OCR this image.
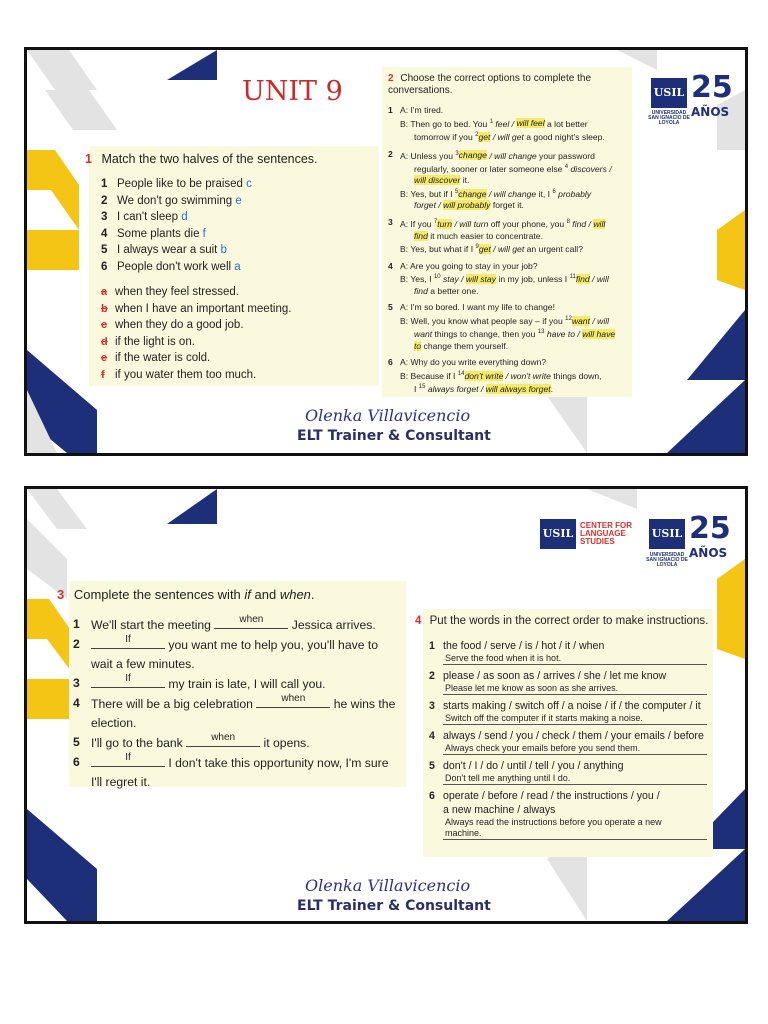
UNIT 9
1 Match the two halves of the sentences.
1 People like to be praised c
2 We don't go swimming e
3 I can't sleep d
4 Some plants die f
5 I always wear a suit b
6 People don't work well a
a when they feel stressed.
b when I have an important meeting.
c when they do a good job.
d if the light is on.
e if the water is cold.
f if you water them too much.
2 Choose the correct options to complete the conversations.
1 A: I'm tired.
B: Then go to bed. You $^1$ feel / will feel a lot better
tomorrow if you $^2$get / will get a good night's sleep.
2 A: Unless you $^3$change / will change your password
regularly, sooner or later someone else $^4$ discovers /
will discover it.
B: Yes, but if I $^5$change / will change it, I $^6$ probably
forget / will probably forget it.
3 A: If you $^7$turn / will turn off your phone, you $^8$ find / will
find it much easier to concentrate.
B: Yes, but what if I $^9$get / will get an urgent call?
4 A: Are you going to stay in your job?
B: Yes, I $^{10}$ stay / will stay in my job, unless I $^{11}$find / will
find a better one.
5 A: I'm so bored. I want my life to change!
B: Well, you know what people say – if you $^{12}$want / will
want things to change, then you $^{13}$ have to / will have
to change them yourself.
6 A: Why do you write everything down?
B: Because if I $^{14}$don't write / won't write things down,
I $^{15}$ always forget / will always forget.
USIL
UNIVERSIDAD SAN IGNACIO DE LOYOLA
25
AÑOS
Olenka Villavicencio
ELT Trainer & Consultant
3 Complete the sentences with if and when.
1 We'll start the meeting	when	Jessica arrives.
2	If	you want me to help you, you'll have to
wait a few minutes.
3	If	my train is late, I will call you.
4 There will be a big celebration	when	he wins the
election.
5 I'll go to the bank	when	it opens.
6	If	I don't take this opportunity now, I'm sure
I'll regret it.
4 Put the words in the correct order to make instructions.
1 the food / serve / is / hot / it / when
Serve the food when it is hot.
2 please / as soon as / arrives / she / let me know
Please let me know as soon as she arrives.
3 starts making / switch off / a noise / if / the computer / it
Switch off the computer if it starts making a noise.
4 always / send / you / check / them / your emails / before
Always check your emails before you send them.
5 don't / I / do / until / tell / you / anything
Don't tell me anything until I do.
6 operate / before / read / the instructions / you /
a new machine / always
Always read the instructions before you operate a new
machine.
USIL
CENTER FOR
LANGUAGE
STUDIES
USIL
UNIVERSIDAD SAN IGNACIO DE LOYOLA
25
AÑOS
Olenka Villavicencio
ELT Trainer & Consultant
